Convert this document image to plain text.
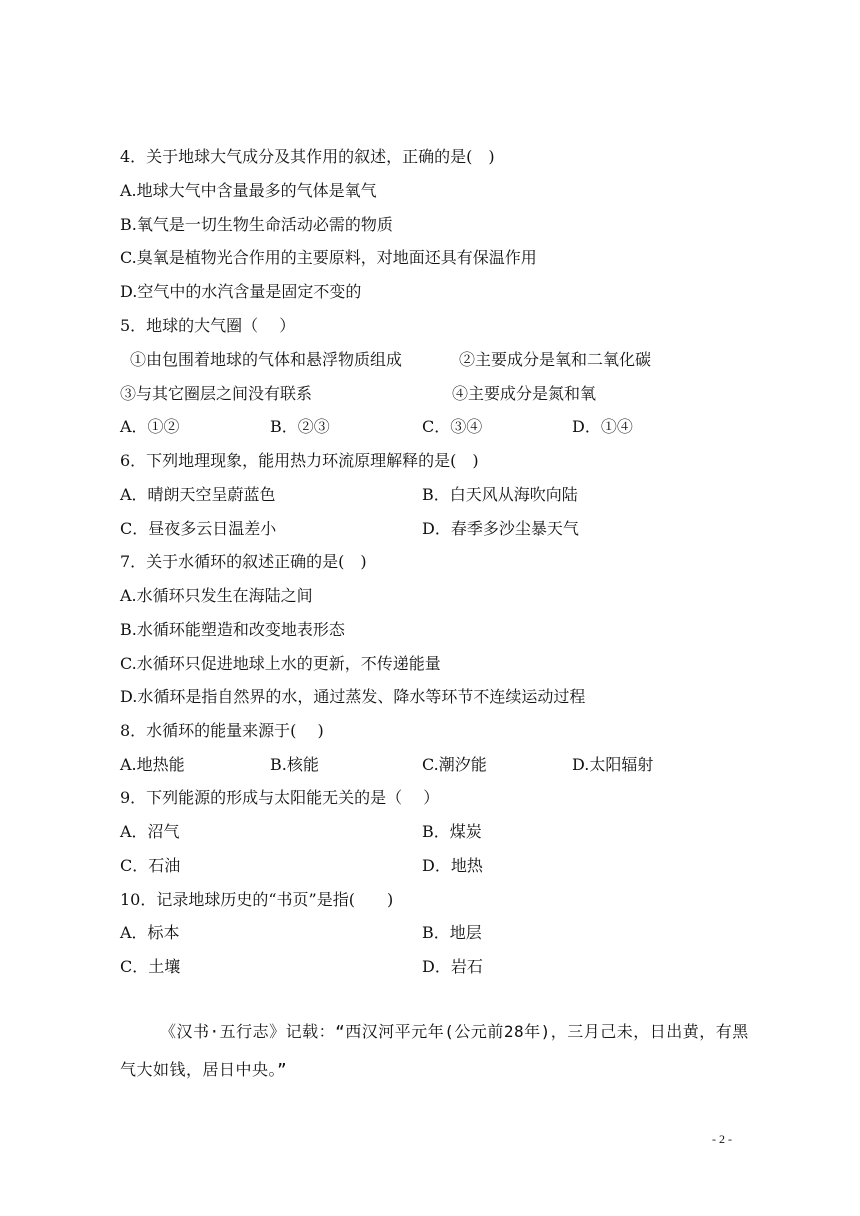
4．关于地球大气成分及其作用的叙述，正确的是(　)
A.地球大气中含量最多的气体是氧气
B.氧气是一切生物生命活动必需的物质
C.臭氧是植物光合作用的主要原料，对地面还具有保温作用
D.空气中的水汽含量是固定不变的
5．地球的大气圈（　 ）
①由包围着地球的气体和悬浮物质组成	②主要成分是氧和二氧化碳
③与其它圈层之间没有联系	④主要成分是氮和氧
A．①②	B．②③	C．③④	D．①④
6．下列地理现象，能用热力环流原理解释的是(　)
A．晴朗天空呈蔚蓝色	B．白天风从海吹向陆
C．昼夜多云日温差小	D．春季多沙尘暴天气
7．关于水循环的叙述正确的是(　)
A.水循环只发生在海陆之间
B.水循环能塑造和改变地表形态
C.水循环只促进地球上水的更新，不传递能量
D.水循环是指自然界的水，通过蒸发、降水等环节不连续运动过程
8．水循环的能量来源于(　 )
A.地热能	B.核能	C.潮汐能	D.太阳辐射
9．下列能源的形成与太阳能无关的是（　 ）
A．沼气	B．煤炭
C．石油	D．地热
10．记录地球历史的“书页”是指(　　)
A．标本	B．地层
C．土壤	D．岩石
《汉书·五行志》记载：“西汉河平元年(公元前28年)，三月己未，日出黄，有黑气大如钱，居日中央。”
- 2 -
